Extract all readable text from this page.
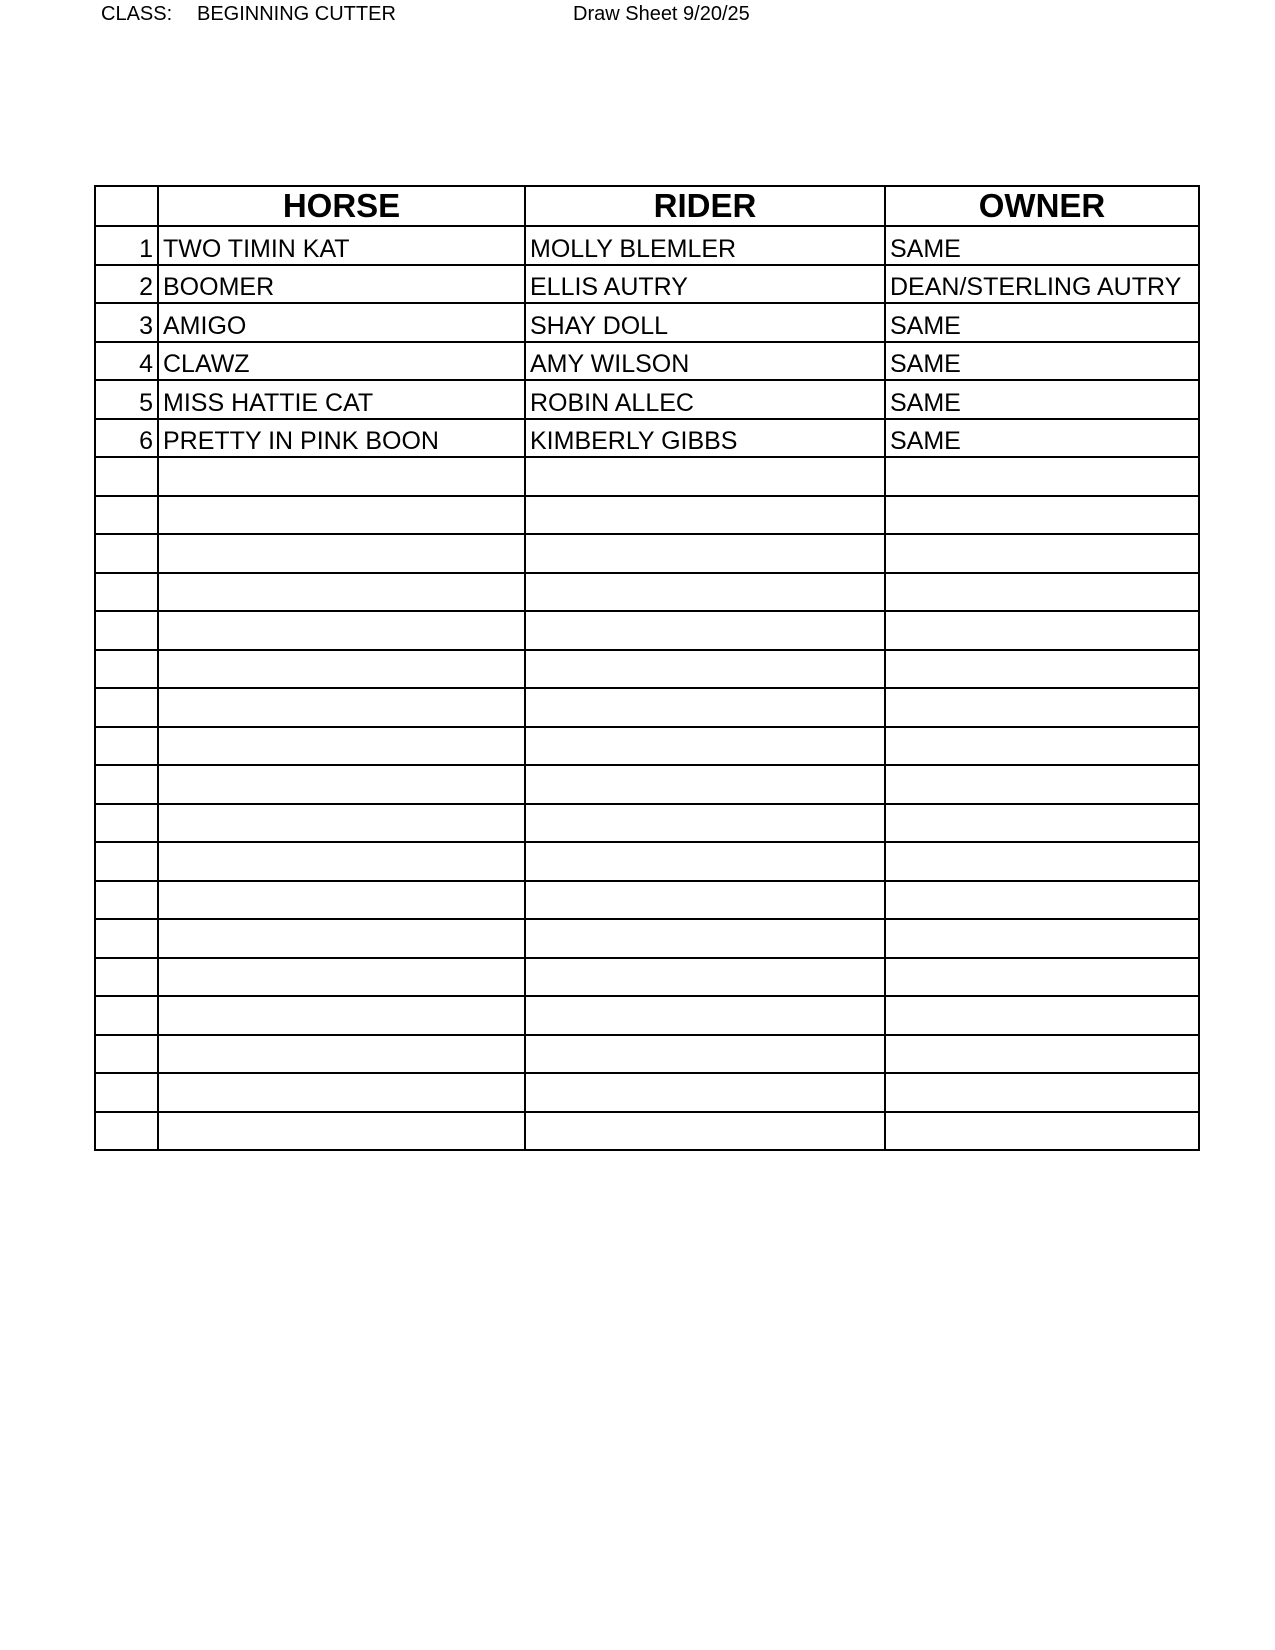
CLASS: BEGINNING CUTTER	Draw Sheet 9/20/25
	HORSE	RIDER	OWNER
1	TWO TIMIN KAT	MOLLY BLEMLER	SAME
2	BOOMER	ELLIS AUTRY	DEAN/STERLING AUTRY
3	AMIGO	SHAY DOLL	SAME
4	CLAWZ	AMY WILSON	SAME
5	MISS HATTIE CAT	ROBIN ALLEC	SAME
6	PRETTY IN PINK BOON	KIMBERLY GIBBS	SAME
